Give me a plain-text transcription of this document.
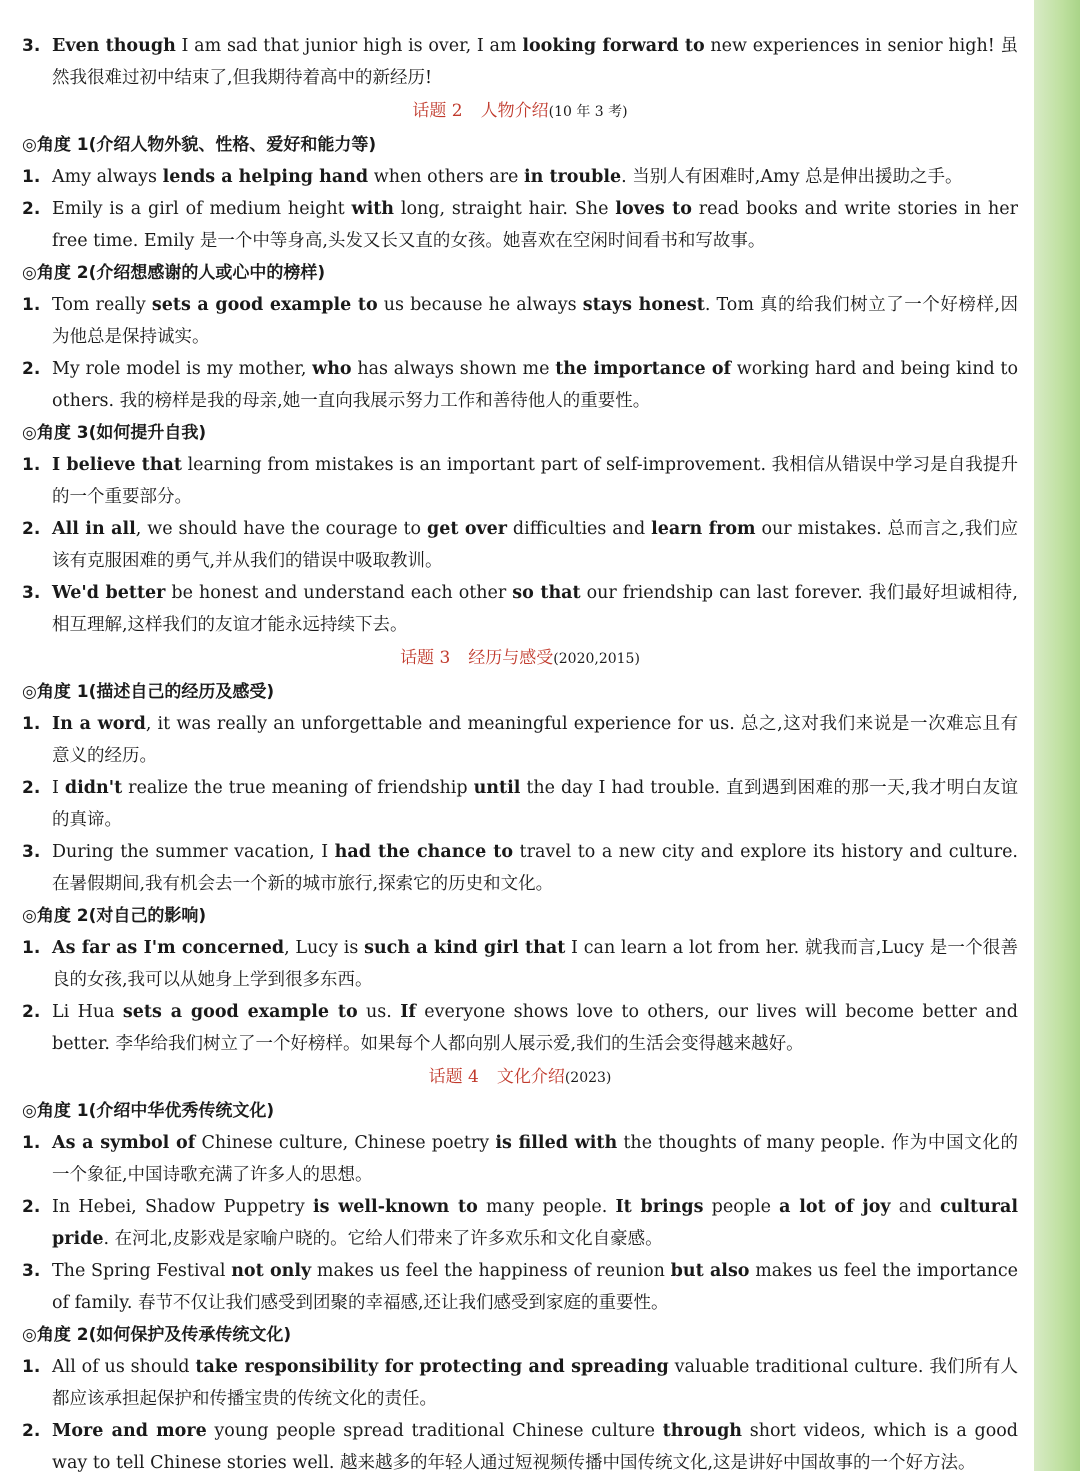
3. Even though I am sad that junior high is over, I am looking forward to new experiences in senior high! 虽然我很难过初中结束了,但我期待着高中的新经历!
话题 2 人物介绍(10 年 3 考)
◎角度 1(介绍人物外貌、性格、爱好和能力等)
1. Amy always lends a helping hand when others are in trouble. 当别人有困难时,Amy 总是伸出援助之手。
2. Emily is a girl of medium height with long, straight hair. She loves to read books and write stories in her free time. Emily 是一个中等身高,头发又长又直的女孩。她喜欢在空闲时间看书和写故事。
◎角度 2(介绍想感谢的人或心中的榜样)
1. Tom really sets a good example to us because he always stays honest. Tom 真的给我们树立了一个好榜样,因为他总是保持诚实。
2. My role model is my mother, who has always shown me the importance of working hard and being kind to others. 我的榜样是我的母亲,她一直向我展示努力工作和善待他人的重要性。
◎角度 3(如何提升自我)
1. I believe that learning from mistakes is an important part of self-improvement. 我相信从错误中学习是自我提升的一个重要部分。
2. All in all, we should have the courage to get over difficulties and learn from our mistakes. 总而言之,我们应该有克服困难的勇气,并从我们的错误中吸取教训。
3. We'd better be honest and understand each other so that our friendship can last forever. 我们最好坦诚相待,相互理解,这样我们的友谊才能永远持续下去。
话题 3 经历与感受(2020,2015)
◎角度 1(描述自己的经历及感受)
1. In a word, it was really an unforgettable and meaningful experience for us. 总之,这对我们来说是一次难忘且有意义的经历。
2. I didn't realize the true meaning of friendship until the day I had trouble. 直到遇到困难的那一天,我才明白友谊的真谛。
3. During the summer vacation, I had the chance to travel to a new city and explore its history and culture. 在暑假期间,我有机会去一个新的城市旅行,探索它的历史和文化。
◎角度 2(对自己的影响)
1. As far as I'm concerned, Lucy is such a kind girl that I can learn a lot from her. 就我而言,Lucy 是一个很善良的女孩,我可以从她身上学到很多东西。
2. Li Hua sets a good example to us. If everyone shows love to others, our lives will become better and better. 李华给我们树立了一个好榜样。如果每个人都向别人展示爱,我们的生活会变得越来越好。
话题 4 文化介绍(2023)
◎角度 1(介绍中华优秀传统文化)
1. As a symbol of Chinese culture, Chinese poetry is filled with the thoughts of many people. 作为中国文化的一个象征,中国诗歌充满了许多人的思想。
2. In Hebei, Shadow Puppetry is well-known to many people. It brings people a lot of joy and cultural pride. 在河北,皮影戏是家喻户晓的。它给人们带来了许多欢乐和文化自豪感。
3. The Spring Festival not only makes us feel the happiness of reunion but also makes us feel the importance of family. 春节不仅让我们感受到团聚的幸福感,还让我们感受到家庭的重要性。
◎角度 2(如何保护及传承传统文化)
1. All of us should take responsibility for protecting and spreading valuable traditional culture. 我们所有人都应该承担起保护和传播宝贵的传统文化的责任。
2. More and more young people spread traditional Chinese culture through short videos, which is a good way to tell Chinese stories well. 越来越多的年轻人通过短视频传播中国传统文化,这是讲好中国故事的一个好方法。
